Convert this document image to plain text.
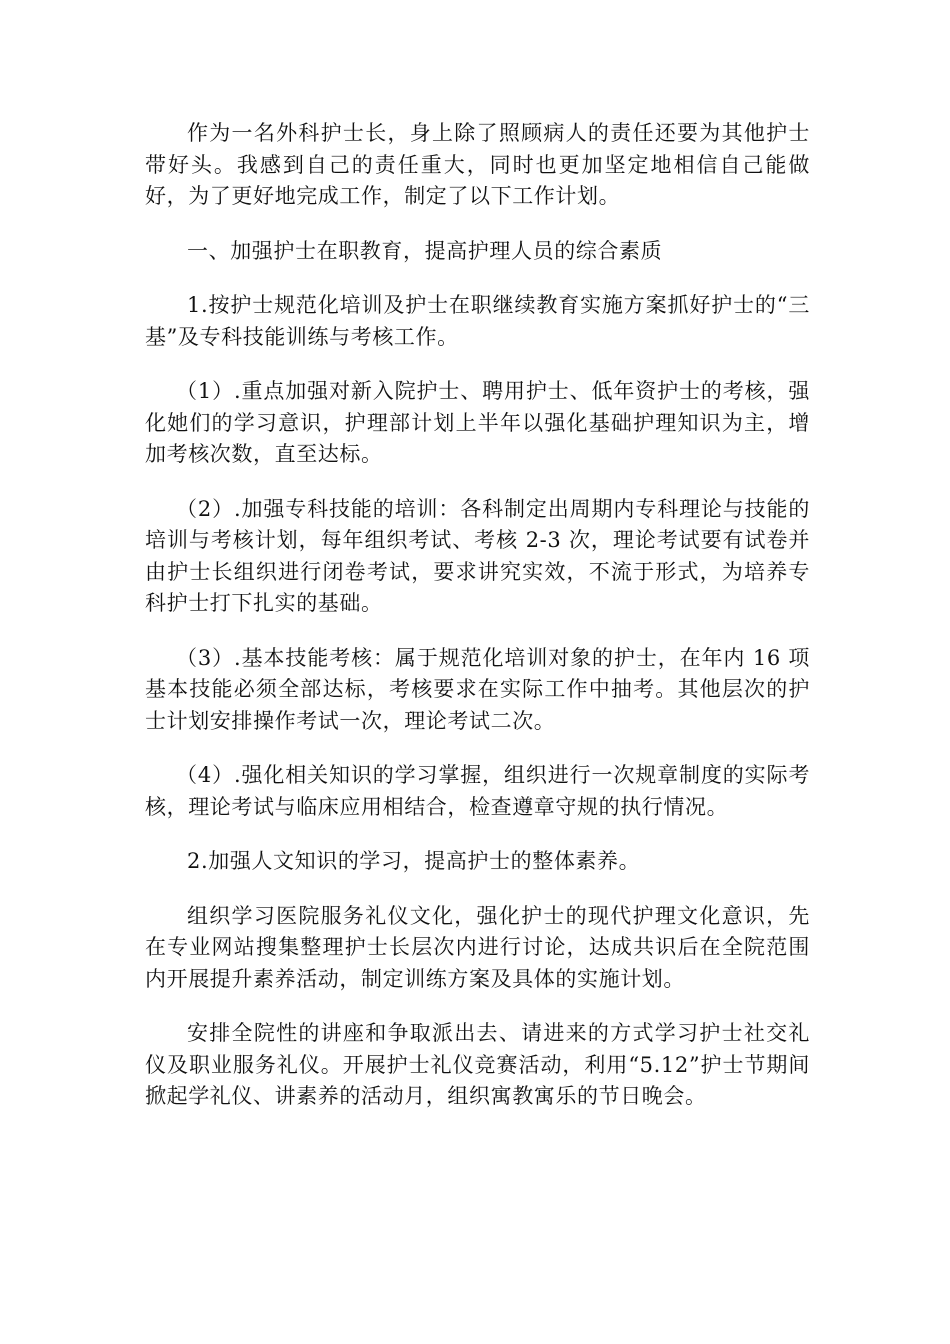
作为一名外科护士长，身上除了照顾病人的责任还要为其他护士带好头。我感到自己的责任重大，同时也更加坚定地相信自己能做好，为了更好地完成工作，制定了以下工作计划。

一、加强护士在职教育，提高护理人员的综合素质

1.按护士规范化培训及护士在职继续教育实施方案抓好护士的“三基”及专科技能训练与考核工作。

（1）.重点加强对新入院护士、聘用护士、低年资护士的考核，强化她们的学习意识，护理部计划上半年以强化基础护理知识为主，增加考核次数，直至达标。

（2）.加强专科技能的培训：各科制定出周期内专科理论与技能的培训与考核计划，每年组织考试、考核 2-3 次，理论考试要有试卷并由护士长组织进行闭卷考试，要求讲究实效，不流于形式，为培养专科护士打下扎实的基础。

（3）.基本技能考核：属于规范化培训对象的护士，在年内 16 项基本技能必须全部达标，考核要求在实际工作中抽考。其他层次的护士计划安排操作考试一次，理论考试二次。

（4）.强化相关知识的学习掌握，组织进行一次规章制度的实际考核，理论考试与临床应用相结合，检查遵章守规的执行情况。

2.加强人文知识的学习，提高护士的整体素养。

组织学习医院服务礼仪文化，强化护士的现代护理文化意识，先在专业网站搜集整理护士长层次内进行讨论，达成共识后在全院范围内开展提升素养活动，制定训练方案及具体的实施计划。

安排全院性的讲座和争取派出去、请进来的方式学习护士社交礼仪及职业服务礼仪。开展护士礼仪竞赛活动，利用“5.12”护士节期间掀起学礼仪、讲素养的活动月，组织寓教寓乐的节日晚会。
